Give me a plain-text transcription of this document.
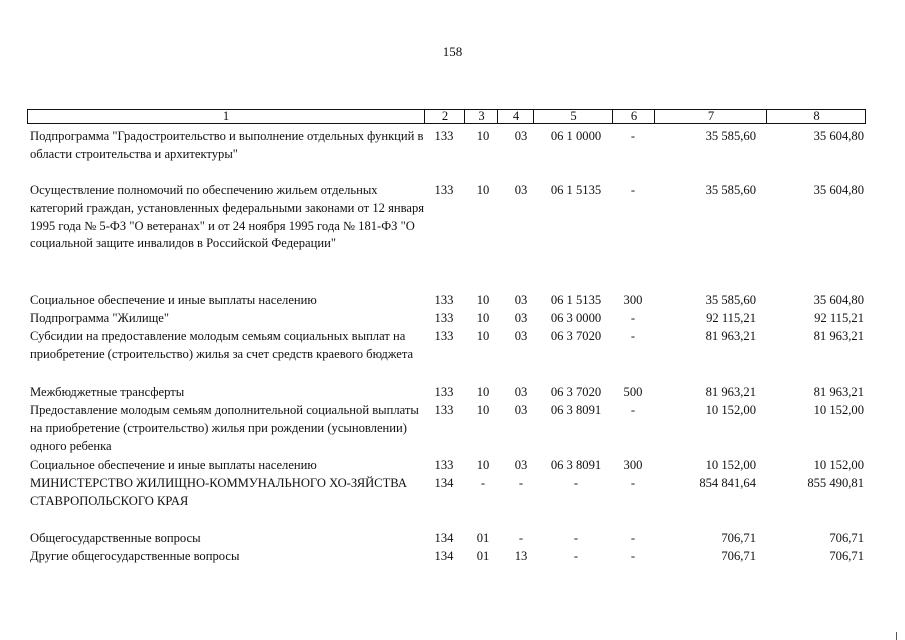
158
1	2	3	4	5	6	7	8
Подпрограмма "Градостроительство и выполнение отдельных функций в области строительства и архитектуры"
133	10	03	06 1 0000	-	35 585,60	35 604,80
Осуществление полномочий по обеспечению жильем отдельных категорий граждан, установленных федеральными законами от 12 января 1995 года № 5-ФЗ "О ветеранах" и от 24 ноября 1995 года № 181-ФЗ "О социальной защите инвалидов в Российской Федерации"
133	10	03	06 1 5135	-	35 585,60	35 604,80
Социальное обеспечение и иные выплаты населению	133	10	03	06 1 5135	300	35 585,60	35 604,80
Подпрограмма "Жилище"	133	10	03	06 3 0000	-	92 115,21	92 115,21
Субсидии на предоставление молодым семьям социальных выплат на приобретение (строительство) жилья за счет средств краевого бюджета
133	10	03	06 3 7020	-	81 963,21	81 963,21
Межбюджетные трансферты	133	10	03	06 3 7020	500	81 963,21	81 963,21
Предоставление молодым семьям дополнительной социальной выплаты на приобретение (строительство) жилья при рождении (усыновлении) одного ребенка
133	10	03	06 3 8091	-	10 152,00	10 152,00
Социальное обеспечение и иные выплаты населению	133	10	03	06 3 8091	300	10 152,00	10 152,00
МИНИСТЕРСТВО ЖИЛИЩНО-КОММУНАЛЬНОГО ХО-ЗЯЙСТВА СТАВРОПОЛЬСКОГО КРАЯ
134	-	-	-	-	854 841,64	855 490,81
Общегосударственные вопросы	134	01	-	-	-	706,71	706,71
Другие общегосударственные вопросы	134	01	13	-	-	706,71	706,71
